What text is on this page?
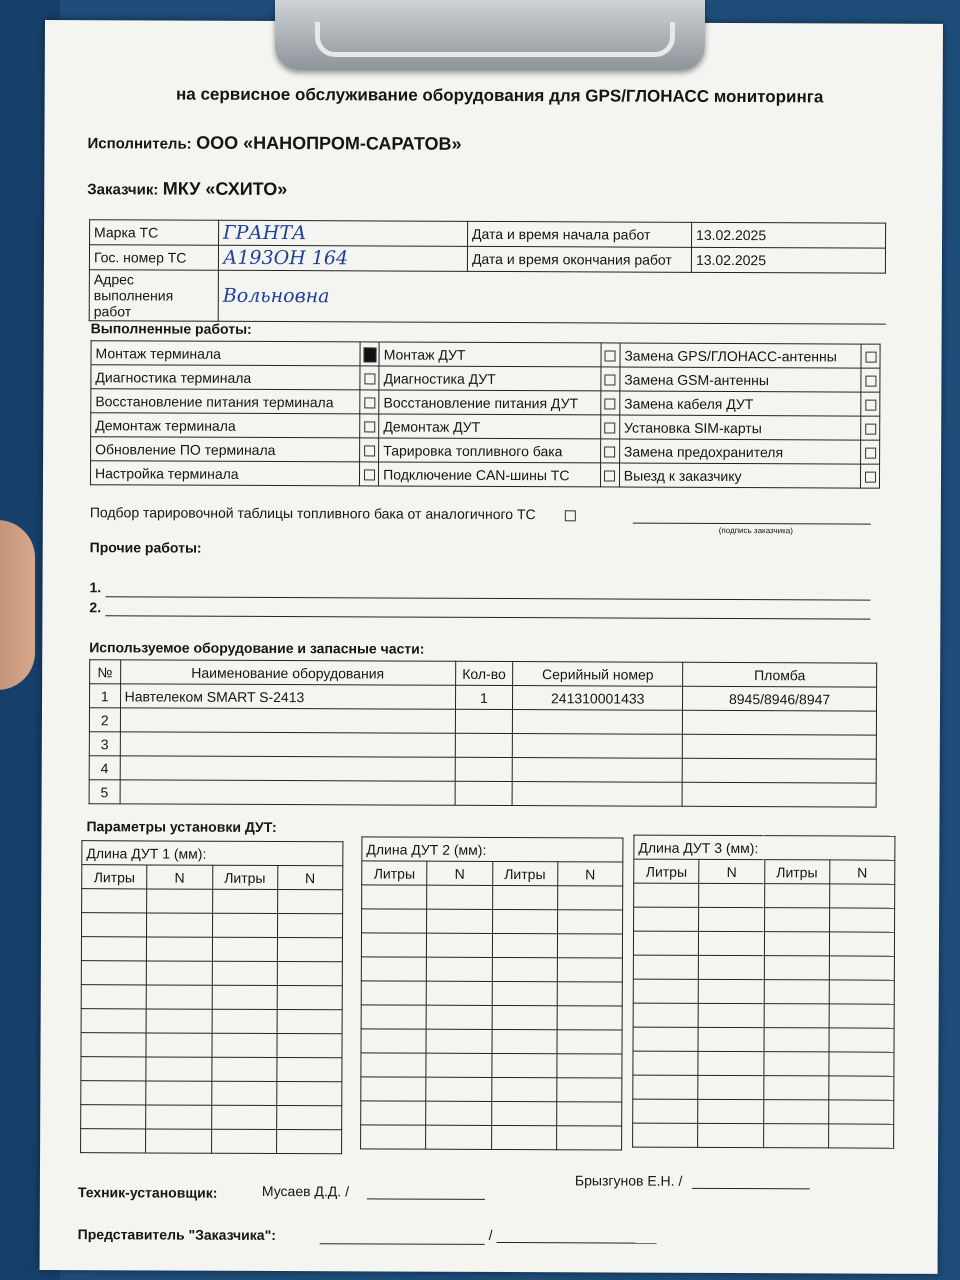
на сервисное обслуживание оборудования для GPS/ГЛОНАСС мониторинга
Исполнитель: ООО «НАНОПРОМ-САРАТОВ»
Заказчик: МКУ «СХИТО»
Марка ТС	ГРАНТА	Дата и время начала работ	13.02.2025
Гос. номер ТС	А193ОН 164	Дата и время окончания работ	13.02.2025
Адрес выполнения работ	Вольновна		
Выполненные работы:
Монтаж терминала		Монтаж ДУТ		Замена GPS/ГЛОНАСС-антенны	
Диагностика терминала		Диагностика ДУТ		Замена GSM-антенны	
Восстановление питания терминала		Восстановление питания ДУТ		Замена кабеля ДУТ	
Демонтаж терминала		Демонтаж ДУТ		Установка SIM-карты	
Обновление ПО терминала		Тарировка топливного бака		Замена предохранителя	
Настройка терминала		Подключение CAN-шины ТС		Выезд к заказчику	
Подбор тарировочной таблицы топливного бака от аналогичного ТС
(подпись заказчика)
Прочие работы:
1.
2.
Используемое оборудование и запасные части:
№	Наименование оборудования	Кол-во	Серийный номер	Пломба
1	Навтелеком SMART S-2413	1	241310001433	8945/8946/8947
2				
3				
4				
5				
Параметры установки ДУТ:
Длина ДУТ 1 (мм):			
Литры	N	Литры	N

Длина ДУТ 2 (мм):			
Литры	N	Литры	N

Длина ДУТ 3 (мм):			
Литры	N	Литры	N

Техник-установщик:	Мусаев Д.Д. /
Брызгунов Е.Н. /
Представитель "Заказчика":	/
